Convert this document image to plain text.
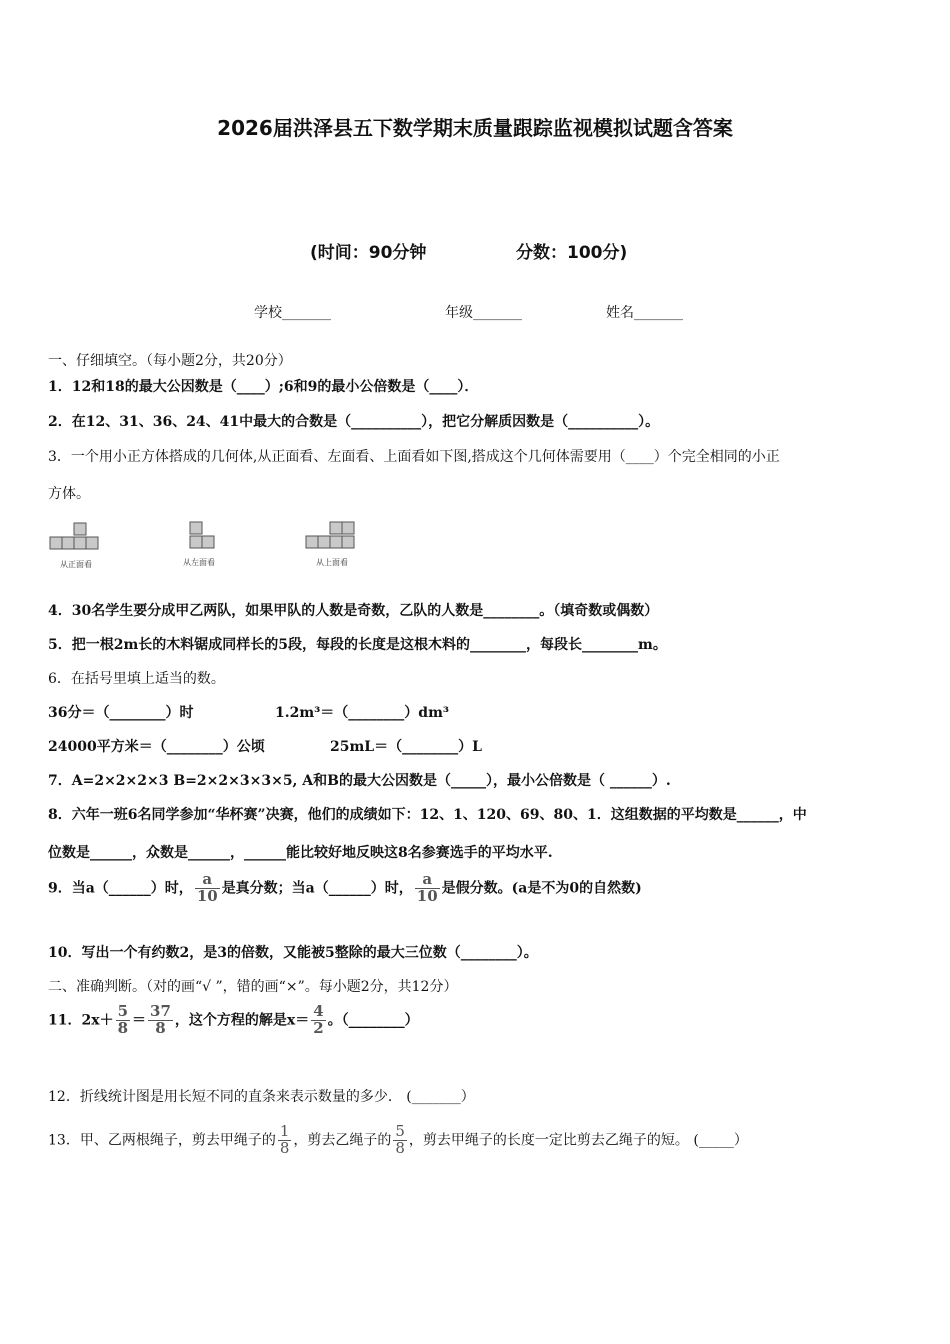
2026届洪泽县五下数学期末质量跟踪监视模拟试题含答案
(时间：90分钟	分数：100分)
学校_______	年级_______	姓名_______
一、仔细填空。（每小题2分，共20分）
1．12和18的最大公因数是（____）;6和9的最小公倍数是（____）．
2．在12、31、36、24、41中最大的合数是（__________），把它分解质因数是（__________）。
3．一个用小正方体搭成的几何体,从正面看、左面看、上面看如下图,搭成这个几何体需要用（____）个完全相同的小正
方体。
从正面看	从左面看	从上面看
4．30名学生要分成甲乙两队，如果甲队的人数是奇数，乙队的人数是________。（填奇数或偶数）
5．把一根2m长的木料锯成同样长的5段，每段的长度是这根木料的________，每段长________m。
6．在括号里填上适当的数。
36分＝（________）时	1.2m³＝（________）dm³
24000平方米＝（________）公顷	25mL＝（________）L
7．A=2×2×2×3 B=2×2×3×3×5, A和B的最大公因数是（_____），最小公倍数是（ ______）.
8．六年一班6名同学参加“华杯赛”决赛，他们的成绩如下：12、1、120、69、80、1．这组数据的平均数是______，中
位数是______，众数是______，______能比较好地反映这8名参赛选手的平均水平.
9．当a（______）时， $\frac{a}{10}$ 是真分数；当a（______）时， $\frac{a}{10}$ 是假分数。(a是不为0的自然数)
10．写出一个有约数2，是3的倍数，又能被5整除的最大三位数（________）。
二、准确判断。（对的画“√ ”，错的画“×”。每小题2分，共12分）
11．$2x+ \frac{5}{8} = \frac{37}{8}$ ，这个方程的解是$x= \frac{4}{2}$ 。（________）
12．折线统计图是用长短不同的直条来表示数量的多少． (_______）
13．甲、乙两根绳子，剪去甲绳子的 $\frac{1}{8}$ ，剪去乙绳子的 $\frac{5}{8}$ ，剪去甲绳子的长度一定比剪去乙绳子的短。 (_____）
